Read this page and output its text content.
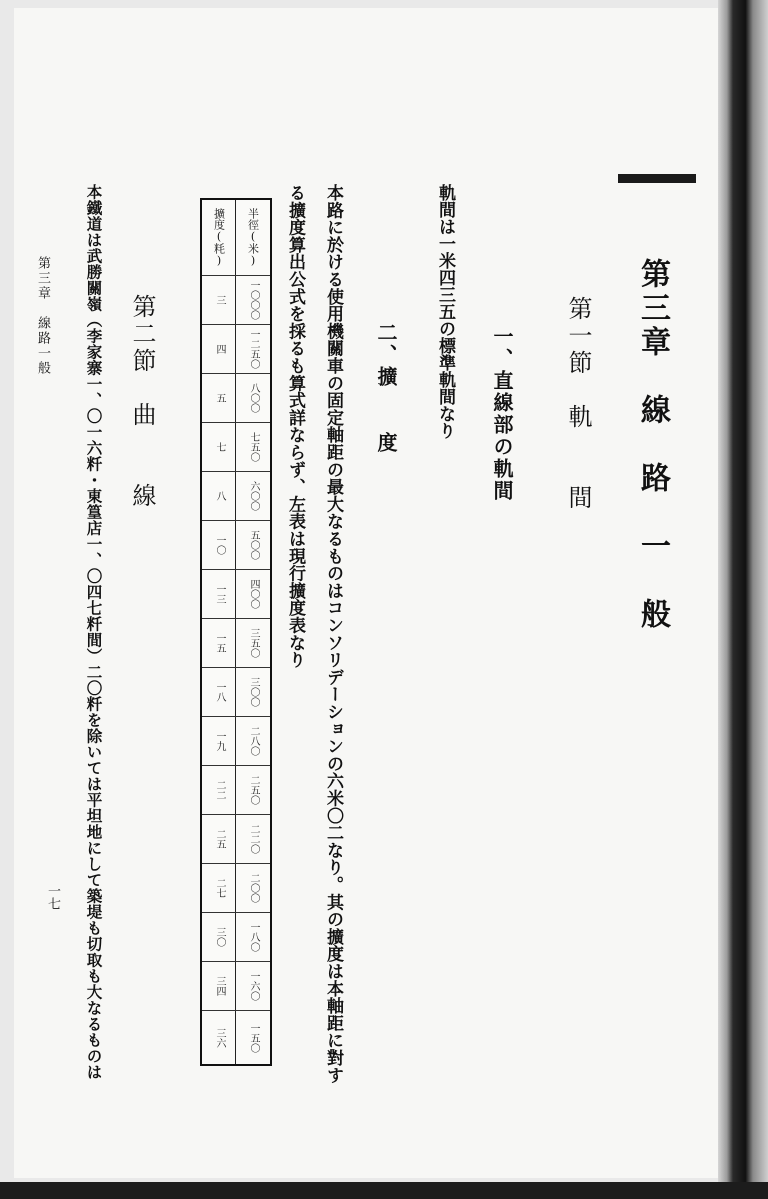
第三章　線　路　一　般
第一節　軌　　間
一、直線部の軌間
軌間は一米四三五の標準軌間なり
二、擴　　度
本路に於ける使用機關車の固定軸距の最大なるものはコンソリデーションの六米〇二なり。其の擴度は本軸距に對す
る擴度算出公式を採るも算式詳ならず、左表は現行擴度表なり
半徑(米)
一〇〇〇
一二五〇
八〇〇
七五〇
六〇〇
五〇〇
四〇〇
三五〇
三〇〇
二八〇
二五〇
二二〇
二〇〇
一八〇
一六〇
一五〇
擴度(粍)
三
四
五
七
八
一〇
一三
一五
一八
一九
二二
二五
二七
三〇
三四
三六
第二節　曲　　線
本鐵道は武勝關嶺（李家寨一、〇一六粁・東篁店一、〇四七粁間）二〇粁を除いては平坦地にして築堤も切取も大なるものは
第三章　線路一般
一七
